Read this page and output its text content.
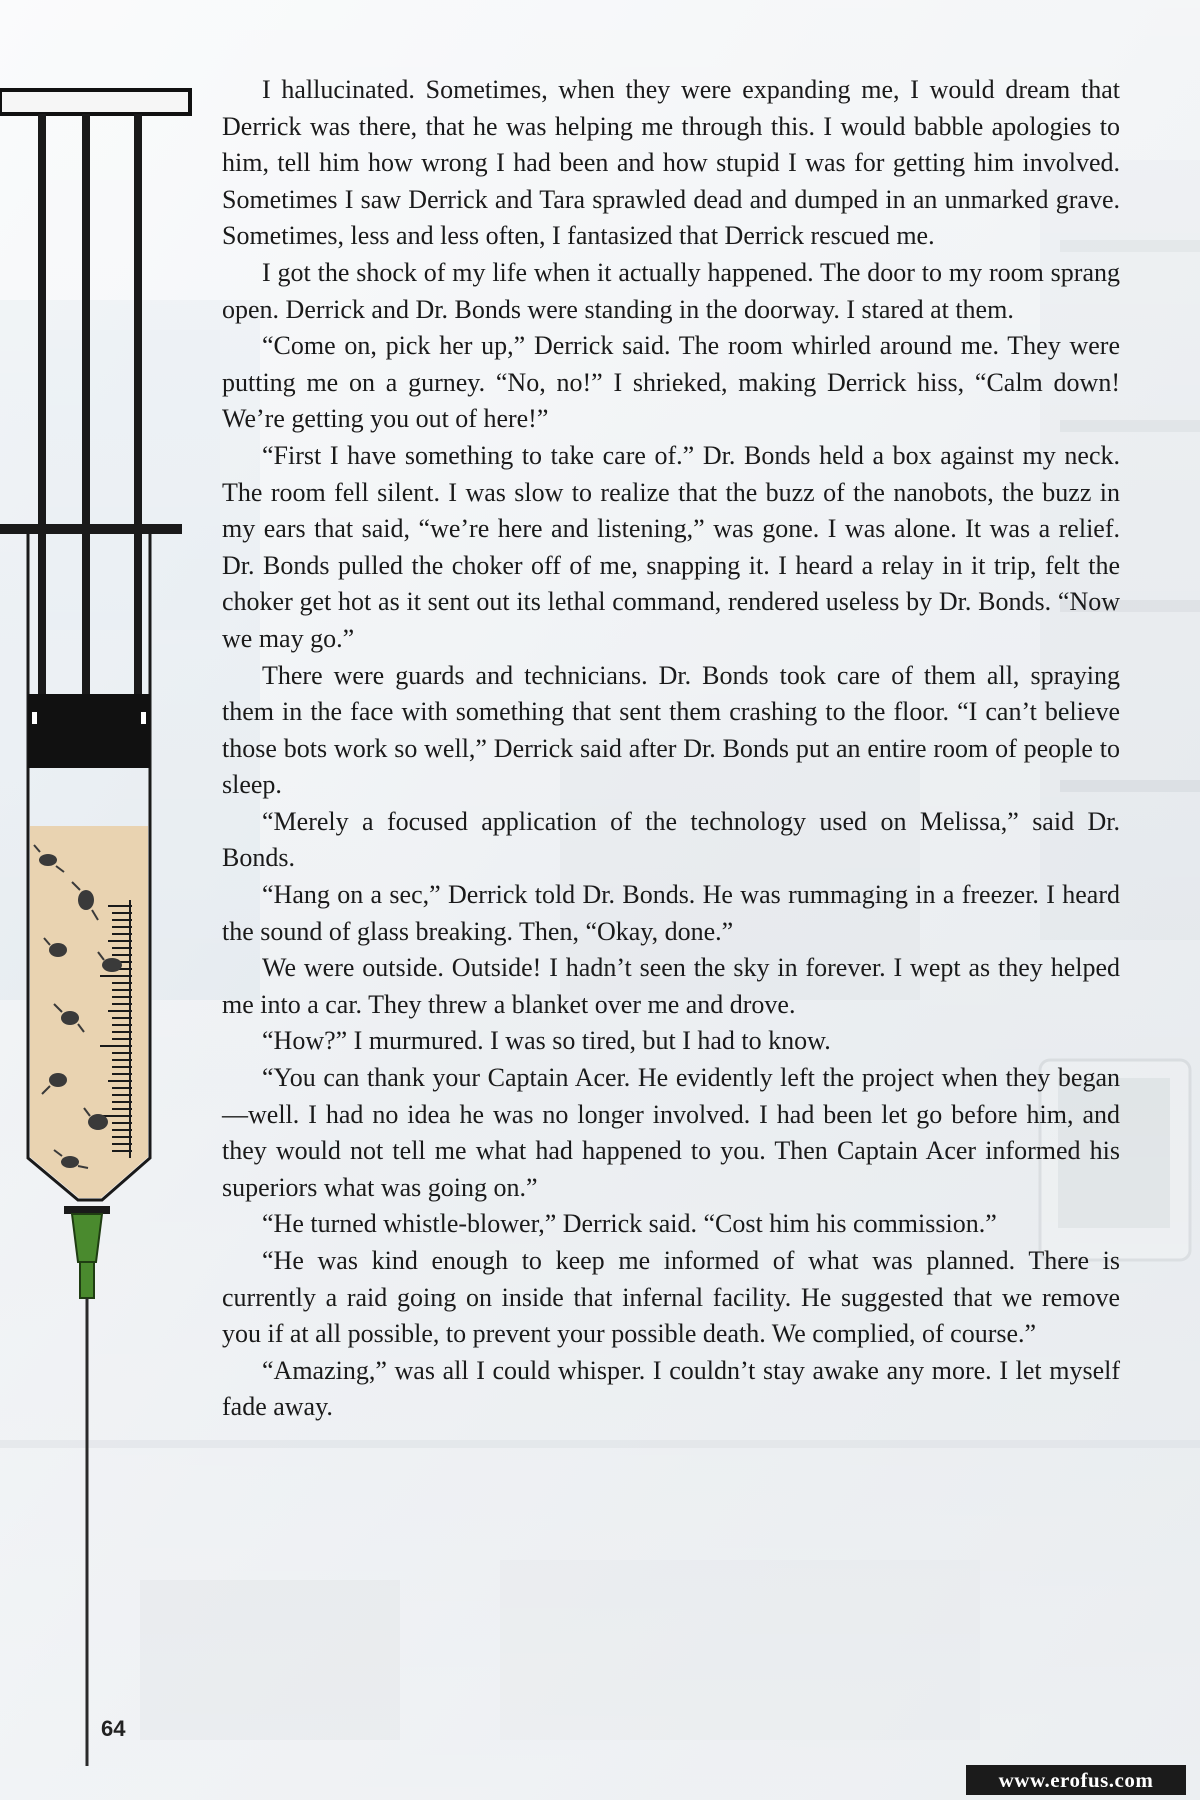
I hallucinated. Sometimes, when they were expanding me, I would dream that Derrick was there, that he was helping me through this. I would babble apologies to him, tell him how wrong I had been and how stupid I was for getting him involved. Sometimes I saw Derrick and Tara sprawled dead and dumped in an unmarked grave. Sometimes, less and less often, I fantasized that Derrick rescued me.

I got the shock of my life when it actually happened. The door to my room sprang open. Derrick and Dr. Bonds were standing in the doorway. I stared at them.

“Come on, pick her up,” Derrick said. The room whirled around me. They were putting me on a gurney. “No, no!” I shrieked, making Derrick hiss, “Calm down! We’re getting you out of here!”

“First I have something to take care of.” Dr. Bonds held a box against my neck. The room fell silent. I was slow to realize that the buzz of the nanobots, the buzz in my ears that said, “we’re here and listening,” was gone. I was alone. It was a relief. Dr. Bonds pulled the choker off of me, snapping it. I heard a relay in it trip, felt the choker get hot as it sent out its lethal command, rendered useless by Dr. Bonds. “Now we may go.”

There were guards and technicians. Dr. Bonds took care of them all, spraying them in the face with something that sent them crashing to the floor. “I can’t believe those bots work so well,” Derrick said after Dr. Bonds put an entire room of people to sleep.

“Merely a focused application of the technology used on Melissa,” said Dr. Bonds.

“Hang on a sec,” Derrick told Dr. Bonds. He was rummaging in a freezer. I heard the sound of glass breaking. Then, “Okay, done.”

We were outside. Outside! I hadn’t seen the sky in forever. I wept as they helped me into a car. They threw a blanket over me and drove.

“How?” I murmured. I was so tired, but I had to know.

“You can thank your Captain Acer. He evidently left the project when they began—well. I had no idea he was no longer involved. I had been let go before him, and they would not tell me what had happened to you. Then Captain Acer informed his superiors what was going on.”

“He turned whistle-blower,” Derrick said. “Cost him his commission.”

“He was kind enough to keep me informed of what was planned. There is currently a raid going on inside that infernal facility. He suggested that we remove you if at all possible, to prevent your possible death. We complied, of course.”

“Amazing,” was all I could whisper. I couldn’t stay awake any more. I let myself fade away.

64
www.erofus.com
